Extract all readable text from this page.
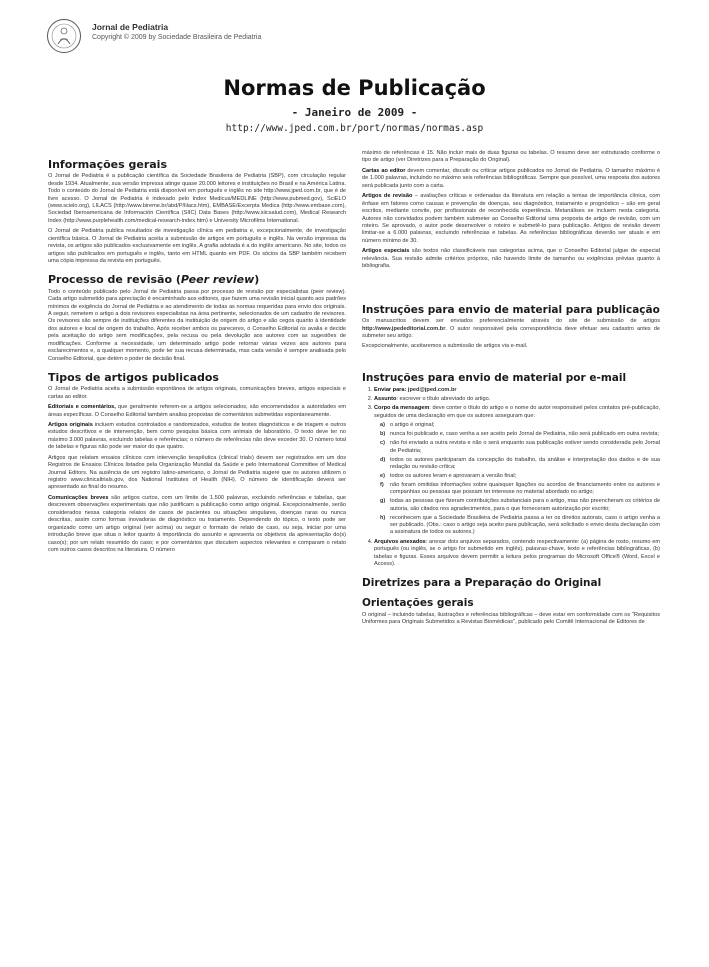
Jornal de Pediatria
Copyright © 2009 by Sociedade Brasileira de Pediatria
Normas de Publicação
- Janeiro de 2009 -
http://www.jped.com.br/port/normas/normas.asp
Informações gerais

O Jornal de Pediatria é a publicação científica da Sociedade Brasileira de Pediatria (SBP), com circulação regular desde 1934. Atualmente, sua versão impressa atinge quase 20.000 leitores e instituições no Brasil e na América Latina. Todo o conteúdo do Jornal de Pediatria está disponível em português e inglês no site http://www.jped.com.br, que é de livre acesso. O Jornal de Pediatria é indexado pelo Index Medicus/MEDLINE (http://www.pubmed.gov), SciELO (www.scielo.org), LILACS (http://www.bireme.br/abd/P/lilacs.htm), EMBASE/Excerpta Medica (http://www.embase.com), Sociedad Iberoamericana de Información Científica (SIIC) Data Bases (http://www.siicsalud.com), Medical Research Index (http://www.purplehealth.com/medical-research-index.htm) e University Microfilms International.

O Jornal de Pediatria publica resultados de investigação clínica em pediatria e, excepcionalmente, de investigação científica básica. O Jornal de Pediatria aceita a submissão de artigos em português e inglês. Na versão impressa da revista, os artigos são publicados exclusivamente em inglês. A grafia adotada é a do inglês americano. No site, todos os artigos são publicados em português e inglês, tanto em HTML quanto em PDF. Os sócios da SBP também recebem uma cópia impressa da revista em português.

Processo de revisão (Peer review)

Todo o conteúdo publicado pelo Jornal de Pediatria passa por processo de revisão por especialistas (peer review). Cada artigo submetido para apreciação é encaminhado aos editores, que fazem uma revisão inicial quanto aos padrões mínimos de exigência do Jornal de Pediatria e ao atendimento de todas as normas requeridas para envio dos originais. A seguir, remetem o artigo a dois revisores especialistas na área pertinente, selecionados de um cadastro de revisores. Os revisores são sempre de instituições diferentes da instituição de origem do artigo e são cegos quanto à identidade dos autores e local de origem do trabalho. Após receber ambos os pareceres, o Conselho Editorial os avalia e decide pela aceitação do artigo sem modificações, pela recusa ou pela devolução aos autores com as sugestões de modificações. Conforme a necessidade, um determinado artigo pode retornar várias vezes aos autores para esclarecimentos e, a qualquer momento, pode ter sua recusa determinada, mas cada versão é sempre analisada pelo Conselho Editorial, que detém o poder de decisão final.

Tipos de artigos publicados

O Jornal de Pediatria aceita a submissão espontânea de artigos originais, comunicações breves, artigos especiais e cartas ao editor.

Editoriais e comentários, que geralmente referem-se a artigos selecionados, são encomendados a autoridades em áreas específicas. O Conselho Editorial também analisa propostas de comentários submetidas espontaneamente.

Artigos originais incluem estudos controlados e randomizados, estudos de testes diagnósticos e de triagem e outros estudos descritivos e de intervenção, bem como pesquisa básica com animais de laboratório. O texto deve ter no máximo 3.000 palavras, excluindo tabelas e referências; o número de referências não deve exceder 30. O número total de tabelas e figuras não pode ser maior do que quatro.

Artigos que relatam ensaios clínicos com intervenção terapêutica (clinical trials) devem ser registrados em um dos Registros de Ensaios Clínicos listados pela Organização Mundial da Saúde e pelo International Committee of Medical Journal Editors. Na ausência de um registro latino-americano, o Jornal de Pediatria sugere que os autores utilizem o registro www.clinicaltrials.gov, dos National Institutes of Health (NIH). O número de identificação deverá ser apresentado ao final do resumo.

Comunicações breves são artigos curtos, com um limite de 1.500 palavras, excluindo referências e tabelas, que descrevem observações experimentais que não justificam a publicação como artigo original. Excepcionalmente, serão considerados nessa categoria relatos de casos de pacientes ou situações singulares, doenças raras ou nunca descritas, assim como formas inovadoras de diagnóstico ou tratamento. Dependendo do tópico, o texto pode ser organizado como um artigo original (ver acima) ou seguir o formato de relato de caso, ou seja, iniciar por uma introdução breve que situa o leitor quanto à importância do assunto e apresenta os objetivos da apresentação do(s) caso(s); por um relato resumido do caso; e por comentários que discutem aspectos relevantes e comparam o relato com outros casos descritos na literatura. O número

máximo de referências é 15. Não incluir mais de duas figuras ou tabelas. O resumo deve ser estruturado conforme o tipo de artigo (ver Diretrizes para a Preparação do Original).

Cartas ao editor devem comentar, discutir ou criticar artigos publicados no Jornal de Pediatria. O tamanho máximo é de 1.000 palavras, incluindo no máximo seis referências bibliográficas. Sempre que possível, uma resposta dos autores será publicada junto com a carta.

Artigos de revisão – avaliações críticas e ordenadas da literatura em relação a temas de importância clínica, com ênfase em fatores como causas e prevenção de doenças, seu diagnóstico, tratamento e prognóstico – são em geral escritos, mediante convite, por profissionais de reconhecida experiência. Metanálises se incluem nesta categoria. Autores não convidados podem também submeter ao Conselho Editorial uma proposta de artigo de revisão, com um roteiro. Se aprovado, o autor pode desenvolver o roteiro e submetê-lo para publicação. Artigos de revisão devem limitar-se a 6.000 palavras, excluindo referências e tabelas. As referências bibliográficas deverão ser atuais e em número mínimo de 30.

Artigos especiais são textos não classificáveis nas categorias acima, que o Conselho Editorial julgue de especial relevância. Sua revisão admite critérios próprios, não havendo limite de tamanho ou exigências prévias quanto à bibliografia.

Instruções para envio de material para publicação

Os manuscritos devem ser enviados preferencialmente através do site de submissão de artigos http://www.jpededitorial.com.br. O autor responsável pela correspondência deve efetuar seu cadastro antes de submeter seu artigo.

Excepcionalmente, aceitaremos a submissão de artigos via e-mail.

Instruções para envio de material por e-mail
1. Enviar para: jped@jped.com.br
2. Assunto: escrever o título abreviado do artigo.
3. Corpo da mensagem: deve conter o título do artigo e o nome do autor responsável pelos contatos pré-publicação, seguidos de uma declaração em que os autores asseguram que:
a) o artigo é original;
b) nunca foi publicado e, caso venha a ser aceito pelo Jornal de Pediatria, não será publicado em outra revista;
c) não foi enviado a outra revista e não o será enquanto sua publicação estiver sendo considerada pelo Jornal de Pediatria;
d) todos os autores participaram da concepção do trabalho, da análise e interpretação dos dados e de sua redação ou revisão crítica;
e) todos os autores leram e aprovaram a versão final;
f)	não foram omitidas informações sobre quaisquer ligações ou acordos de financiamento entre os autores e companhias ou pessoas que possam ter interesse no material abordado no artigo;
g) todas as pessoas que fizeram contribuições substanciais para o artigo, mas não preencheram os critérios de autoria, são citados nos agradecimentos, para o que forneceram autorização por escrito;
h) reconhecem que a Sociedade Brasileira de Pediatria passa a ter os direitos autorais, caso o artigo venha a ser publicado. (Obs.: caso o artigo seja aceito para publicação, será solicitado o envio desta declaração com a assinatura de todos os autores.)
4. Arquivos anexados: anexar dois arquivos separados, contendo respectivamente: (a) página de rosto, resumo em português (ou inglês, se o artigo for submetido em inglês), palavras-chave, texto e referências bibliográficas, (b) tabelas e figuras. Esses arquivos devem permitir a leitura pelos programas do Microsoft Office® (Word, Excel e Access).
Diretrizes para a Preparação do Original
Orientações gerais

O original – incluindo tabelas, ilustrações e referências bibliográficas – deve estar em conformidade com os "Requisitos Uniformes para Originais Submetidos a Revistas Biomédicas", publicado pelo Comitê Internacional de Editores de
